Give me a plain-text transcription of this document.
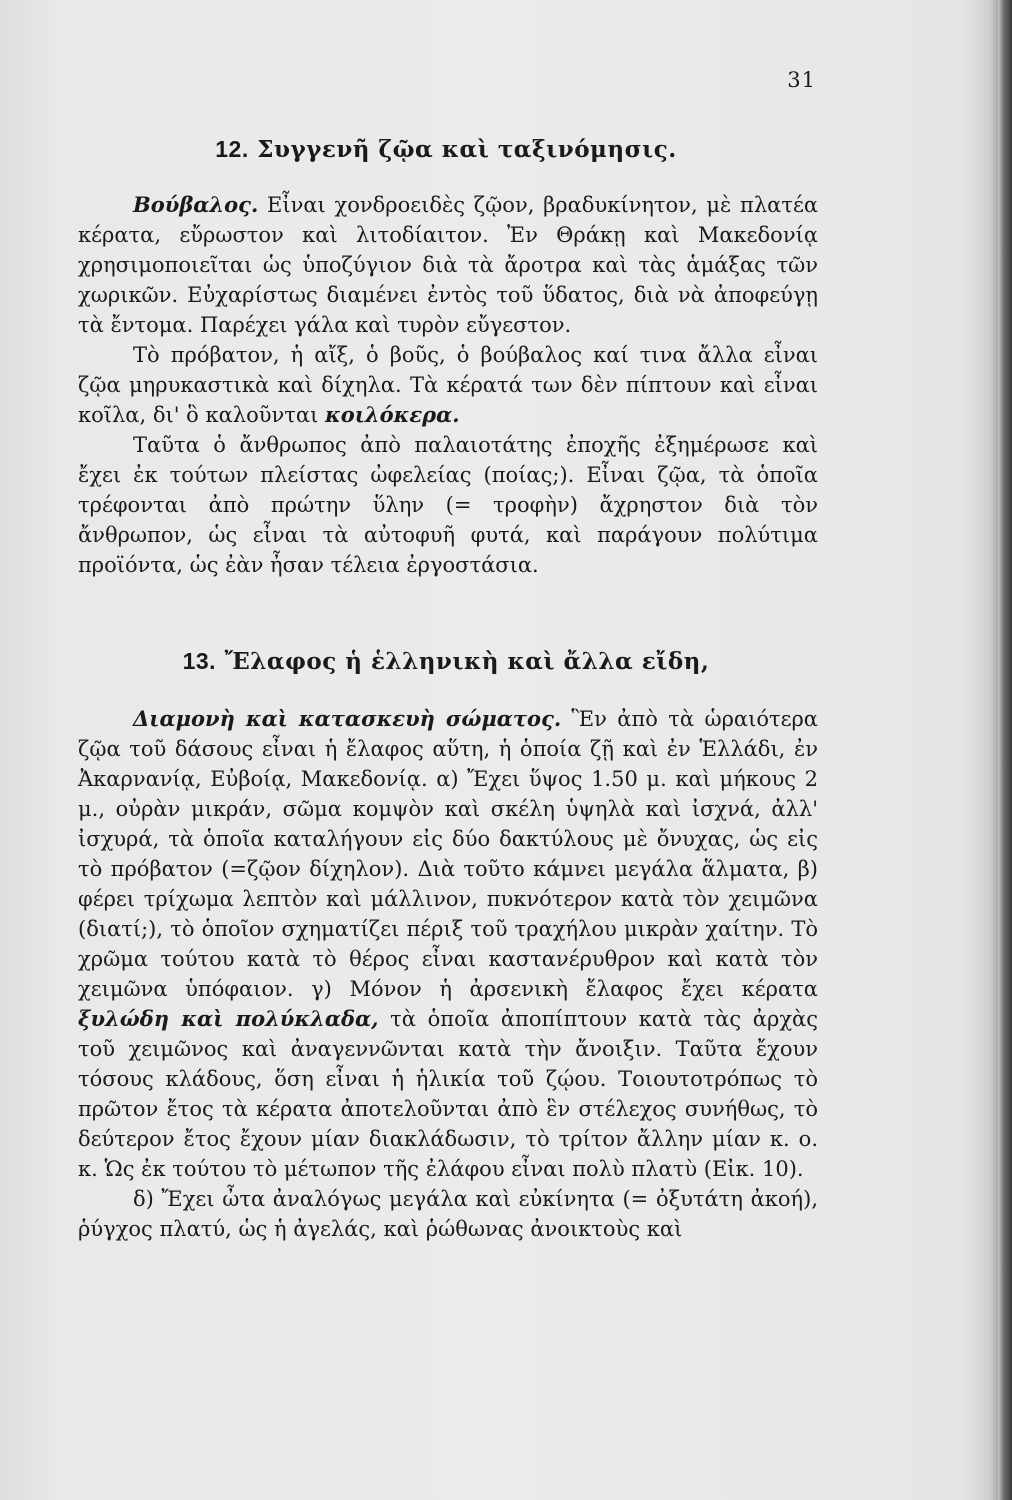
31
12. Συγγενῆ ζῷα καὶ ταξινόμησις.

Βούβαλος. Εἶναι χονδροειδὲς ζῷον, βραδυκίνητον, μὲ πλατέα κέρατα, εὔρωστον καὶ λιτοδίαιτον. Ἐν Θράκῃ καὶ Μακεδονίᾳ χρησιμοποιεῖται ὡς ὑποζύγιον διὰ τὰ ἄροτρα καὶ τὰς ἁμάξας τῶν χωρικῶν. Εὐχαρίστως διαμένει ἐντὸς τοῦ ὕδατος, διὰ νὰ ἀποφεύγῃ τὰ ἔντομα. Παρέχει γάλα καὶ τυρὸν εὔγεστον.

Τὸ πρόβατον, ἡ αἴξ, ὁ βοῦς, ὁ βούβαλος καί τινα ἄλλα εἶναι ζῷα μηρυκαστικὰ καὶ δίχηλα. Τὰ κέρατά των δὲν πίπτουν καὶ εἶναι κοῖλα, δι' ὃ καλοῦνται κοιλόκερα.

Ταῦτα ὁ ἄνθρωπος ἀπὸ παλαιοτάτης ἐποχῆς ἐξημέρωσε καὶ ἔχει ἐκ τούτων πλείστας ὠφελείας (ποίας;). Εἶναι ζῷα, τὰ ὁποῖα τρέφονται ἀπὸ πρώτην ὕλην (= τροφὴν) ἄχρηστον διὰ τὸν ἄνθρωπον, ὡς εἶναι τὰ αὐτοφυῆ φυτά, καὶ παράγουν πολύτιμα προϊόντα, ὡς ἐὰν ἦσαν τέλεια ἐργοστάσια.

13. Ἔλαφος ἡ ἑλληνικὴ καὶ ἄλλα εἴδη,

Διαμονὴ καὶ κατασκευὴ σώματος. Ἓν ἀπὸ τὰ ὡραιότερα ζῷα τοῦ δάσους εἶναι ἡ ἔλαφος αὕτη, ἡ ὁποία ζῇ καὶ ἐν Ἑλλάδι, ἐν Ἀκαρνανίᾳ, Εὐβοίᾳ, Μακεδονίᾳ. α) Ἔχει ὕψος 1.50 μ. καὶ μήκους 2 μ., οὐρὰν μικράν, σῶμα κομψὸν καὶ σκέλη ὑψηλὰ καὶ ἰσχνά, ἀλλ' ἰσχυρά, τὰ ὁποῖα καταλήγουν εἰς δύο δακτύλους μὲ ὄνυχας, ὡς εἰς τὸ πρόβατον (=ζῷον δίχηλον). Διὰ τοῦτο κάμνει μεγάλα ἅλματα, β) φέρει τρίχωμα λεπτὸν καὶ μάλλινον, πυκνότερον κατὰ τὸν χειμῶνα (διατί;), τὸ ὁποῖον σχηματίζει πέριξ τοῦ τραχήλου μικρὰν χαίτην. Τὸ χρῶμα τούτου κατὰ τὸ θέρος εἶναι καστανέρυθρον καὶ κατὰ τὸν χειμῶνα ὑπόφαιον. γ) Μόνον ἡ ἀρσενικὴ ἔλαφος ἔχει κέρατα ξυλώδη καὶ πολύκλαδα, τὰ ὁποῖα ἀποπίπτουν κατὰ τὰς ἀρχὰς τοῦ χειμῶνος καὶ ἀναγεννῶνται κατὰ τὴν ἄνοιξιν. Ταῦτα ἔχουν τόσους κλάδους, ὅση εἶναι ἡ ἡλικία τοῦ ζῴου. Τοιουτοτρόπως τὸ πρῶτον ἔτος τὰ κέρατα ἀποτελοῦνται ἀπὸ ἓν στέλεχος συνήθως, τὸ δεύτερον ἔτος ἔχουν μίαν διακλάδωσιν, τὸ τρίτον ἄλλην μίαν κ. ο. κ. Ὡς ἐκ τούτου τὸ μέτωπον τῆς ἐλάφου εἶναι πολὺ πλατὺ (Εἰκ. 10).

δ) Ἔχει ὦτα ἀναλόγως μεγάλα καὶ εὐκίνητα (= ὀξυτάτη ἀκοή), ῥύγχος πλατύ, ὡς ἡ ἀγελάς, καὶ ῥώθωνας ἀνοικτοὺς καὶ
